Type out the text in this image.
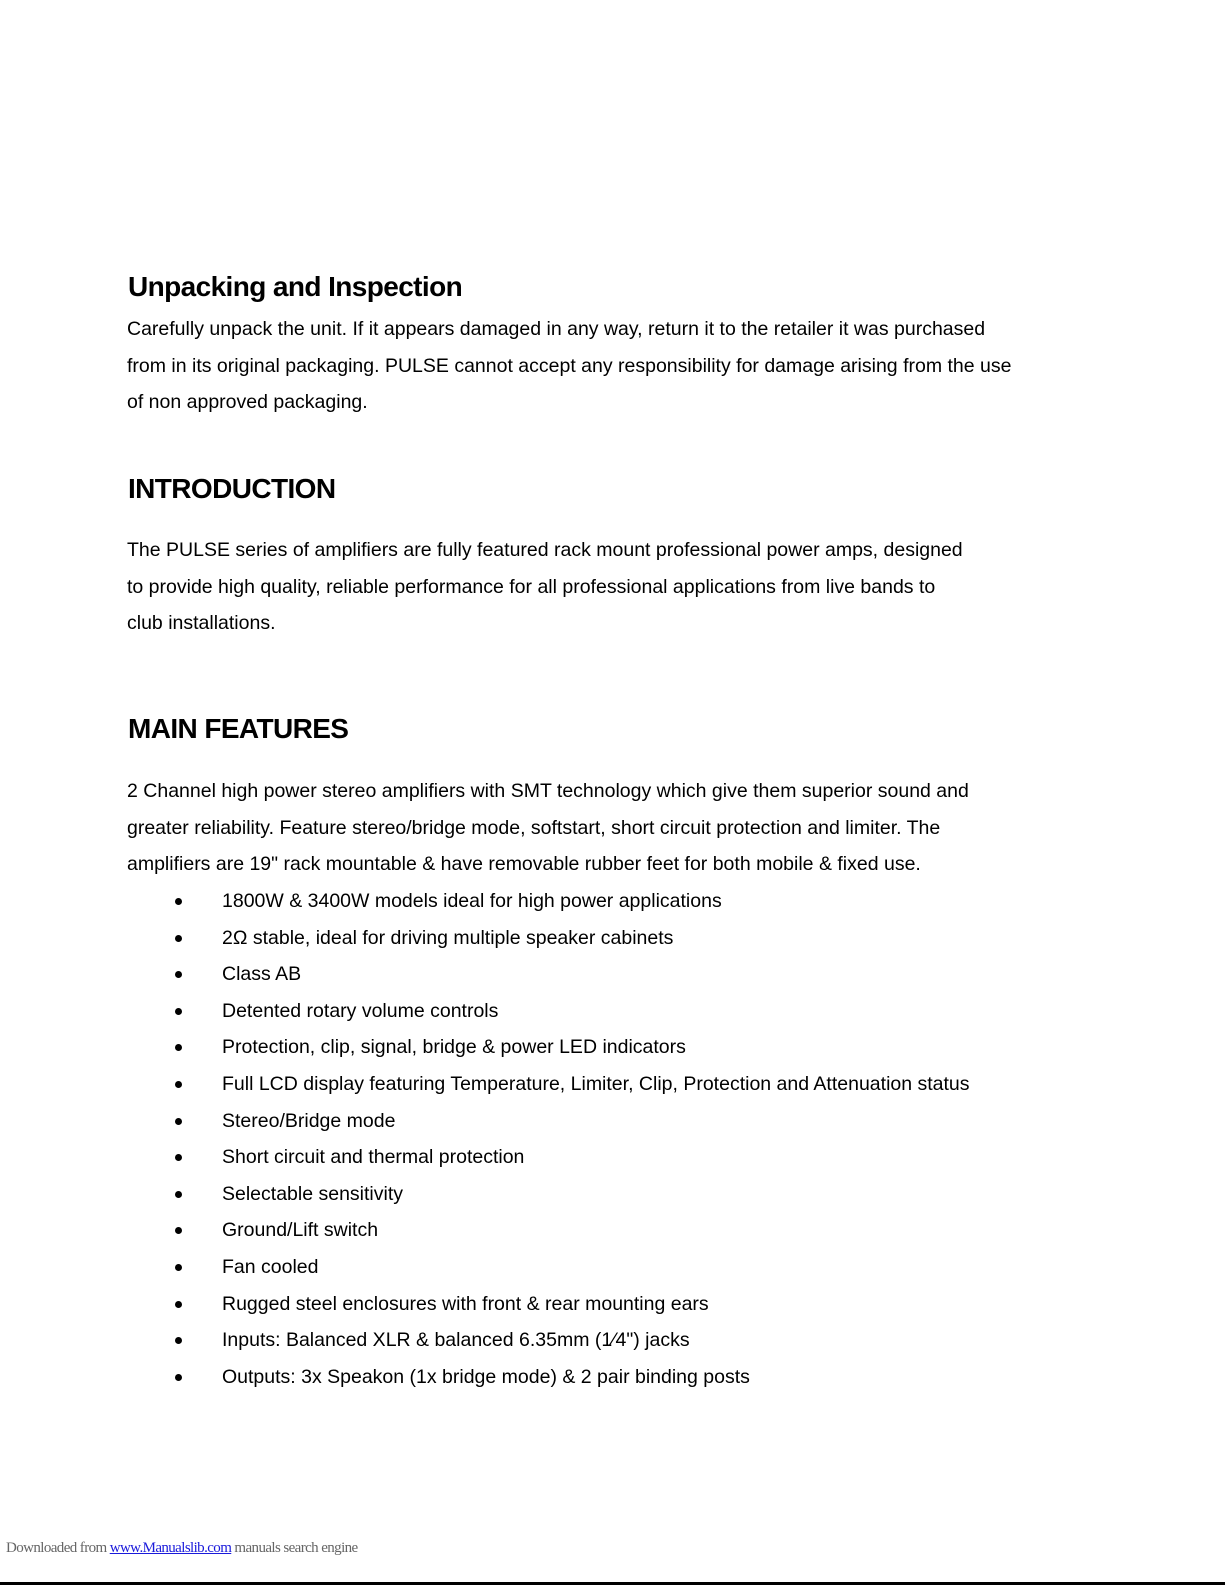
Unpacking and Inspection

Carefully unpack the unit. If it appears damaged in any way, return it to the retailer it was purchased
from in its original packaging. PULSE cannot accept any responsibility for damage arising from the use
of non approved packaging.

INTRODUCTION

The PULSE series of amplifiers are fully featured rack mount professional power amps, designed
to provide high quality, reliable performance for all professional applications from live bands to
club installations.

MAIN FEATURES

2 Channel high power stereo amplifiers with SMT technology which give them superior sound and
greater reliability. Feature stereo/bridge mode, softstart, short circuit protection and limiter. The
amplifiers are 19" rack mountable & have removable rubber feet for both mobile & fixed use.

1800W & 3400W models ideal for high power applications
2Ω stable, ideal for driving multiple speaker cabinets
Class AB
Detented rotary volume controls
Protection, clip, signal, bridge & power LED indicators
Full LCD display featuring Temperature, Limiter, Clip, Protection and Attenuation status
Stereo/Bridge mode
Short circuit and thermal protection
Selectable sensitivity
Ground/Lift switch
Fan cooled
Rugged steel enclosures with front & rear mounting ears
Inputs: Balanced XLR & balanced 6.35mm (1⁄4") jacks
Outputs: 3x Speakon (1x bridge mode) & 2 pair binding posts
Downloaded from www.Manualslib.com manuals search engine
